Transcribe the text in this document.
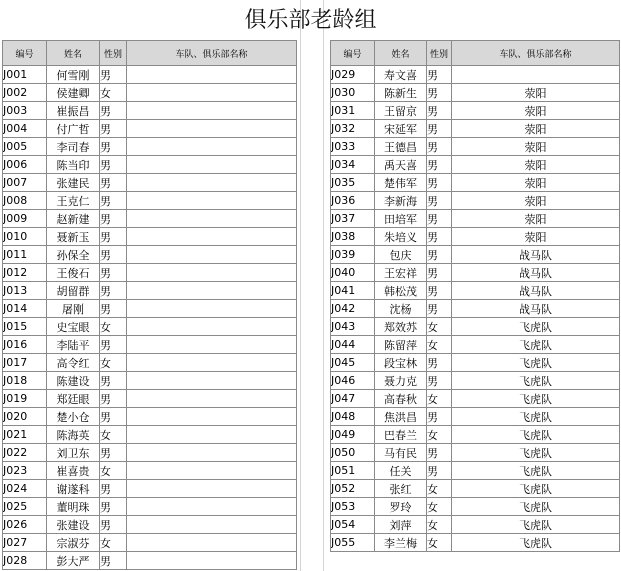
俱乐部老龄组
编号	姓名	性别	车队、俱乐部名称
J001	何雪刚	男	
J002	侯建卿	女	
J003	崔振昌	男	
J004	付广哲	男	
J005	李司春	男	
J006	陈当印	男	
J007	张建民	男	
J008	王克仁	男	
J009	赵新建	男	
J010	聂新玉	男	
J011	孙保全	男	
J012	王俊石	男	
J013	胡留群	男	
J014	屠刚	男	
J015	史宝眼	女	
J016	李陆平	男	
J017	高令红	女	
J018	陈建设	男	
J019	郑廷眼	男	
J020	楚小仓	男	
J021	陈海英	女	
J022	刘卫东	男	
J023	崔喜贵	女	
J024	谢遂科	男	
J025	董明珠	男	
J026	张建设	男	
J027	宗淑芬	女	
J028	彭大严	男	
编号	姓名	性别	车队、俱乐部名称
J029	寿文喜	男	
J030	陈新生	男	荥阳
J031	王留京	男	荥阳
J032	宋延军	男	荥阳
J033	王德昌	男	荥阳
J034	禹天喜	男	荥阳
J035	楚伟军	男	荥阳
J036	李新海	男	荥阳
J037	田培军	男	荥阳
J038	朱培义	男	荥阳
J039	包庆	男	战马队
J040	王宏祥	男	战马队
J041	韩松茂	男	战马队
J042	沈杨	男	战马队
J043	郑效苏	女	飞虎队
J044	陈留萍	女	飞虎队
J045	段宝林	男	飞虎队
J046	聂力克	男	飞虎队
J047	高春秋	女	飞虎队
J048	焦洪昌	男	飞虎队
J049	巴春兰	女	飞虎队
J050	马有民	男	飞虎队
J051	任关	男	飞虎队
J052	张红	女	飞虎队
J053	罗玲	女	飞虎队
J054	刘萍	女	飞虎队
J055	李兰梅	女	飞虎队
